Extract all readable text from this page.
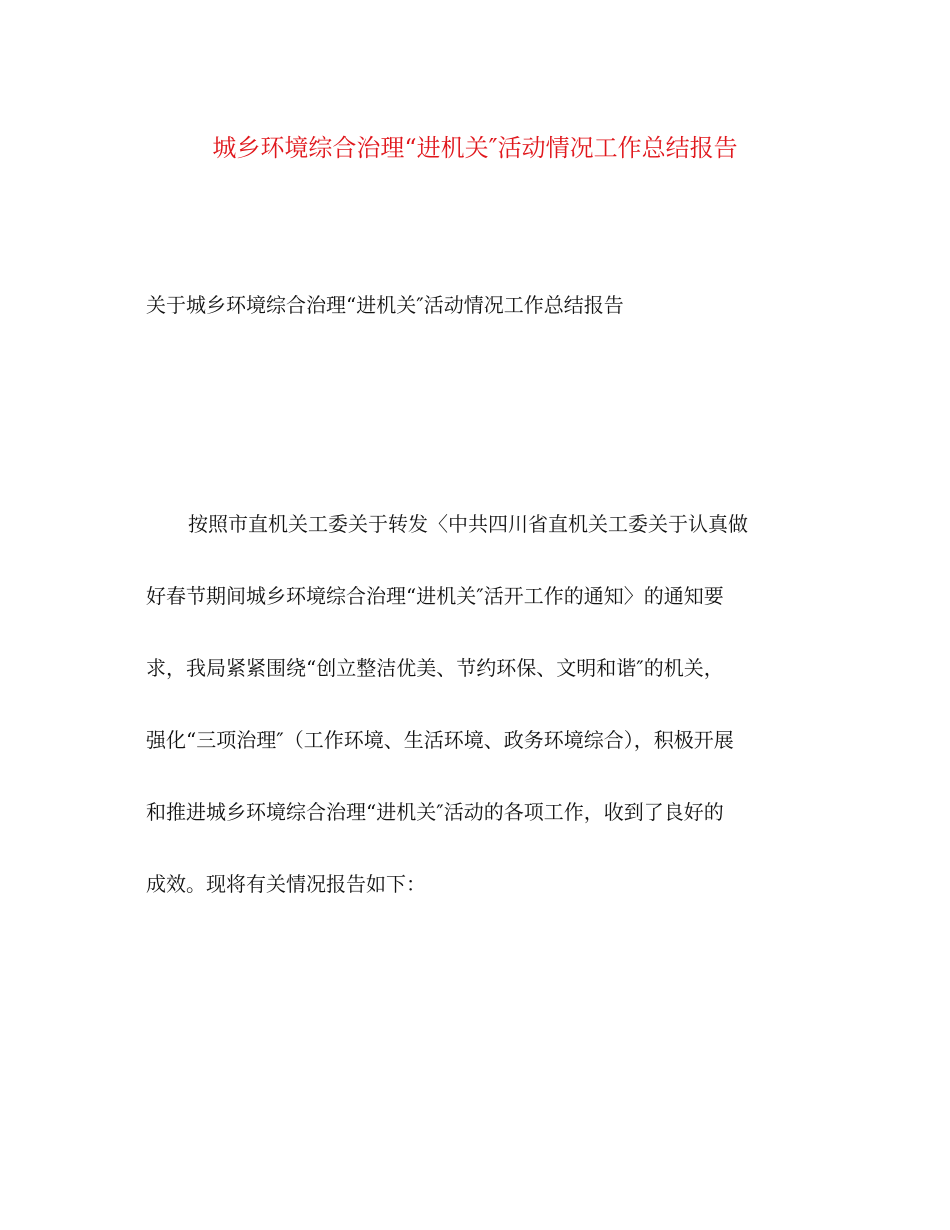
城乡环境综合治理“进机关″活动情况工作总结报告

关于城乡环境综合治理“进机关″活动情况工作总结报告

按照市直机关工委关于转发〈中共四川省直机关工委关于认真做
好春节期间城乡环境综合治理“进机关″活开工作的通知〉的通知要
求，我局紧紧围绕“创立整洁优美、节约环保、文明和谐″的机关，
强化“三项治理″（工作环境、生活环境、政务环境综合），积极开展
和推进城乡环境综合治理“进机关″活动的各项工作，收到了良好的
成效。现将有关情况报告如下：
